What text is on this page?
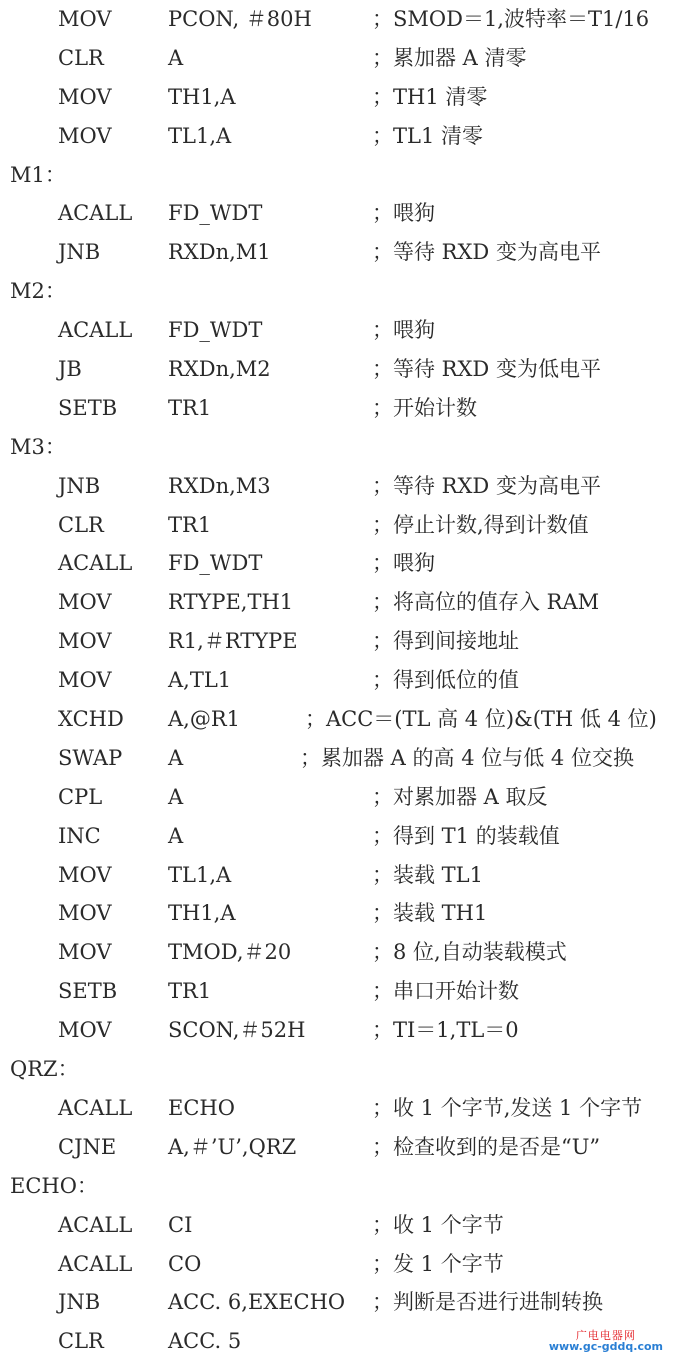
MOV	PCON, ＃80H	；SMOD＝1,波特率＝T1/16
CLR	A	；累加器 A 清零
MOV	TH1,A	；TH1 清零
MOV	TL1,A	；TL1 清零
M1：
ACALL FD_WDT	；喂狗
JNB	RXDn,M1	；等待 RXD 变为高电平
M2：
ACALL FD_WDT	；喂狗
JB	RXDn,M2	；等待 RXD 变为低电平
SETB TR1	；开始计数
M3：
JNB	RXDn,M3	；等待 RXD 变为高电平
CLR	TR1	；停止计数,得到计数值
ACALL FD_WDT	；喂狗
MOV	RTYPE,TH1	；将高位的值存入 RAM
MOV	R1,＃RTYPE	；得到间接地址
MOV	A,TL1	；得到低位的值
XCHD A,@R1	；ACC＝(TL 高 4 位)&(TH 低 4 位)
SWAP A	；累加器 A 的高 4 位与低 4 位交换
CPL	A	；对累加器 A 取反
INC	A	；得到 T1 的装载值
MOV	TL1,A	；装载 TL1
MOV	TH1,A	；装载 TH1
MOV	TMOD,＃20	；8 位,自动装载模式
SETB TR1	；串口开始计数
MOV	SCON,＃52H	；TI＝1,TL＝0
QRZ：
ACALL ECHO	；收 1 个字节,发送 1 个字节
CJNE A,＃’U’,QRZ	；检查收到的是否是“U”
ECHO：
ACALL CI	；收 1 个字节
ACALL CO	；发 1 个字节
JNB	ACC. 6,EXECHO ；判断是否进行进制转换
CLR	ACC. 5	广电电器网
www.gc-gddq.com
